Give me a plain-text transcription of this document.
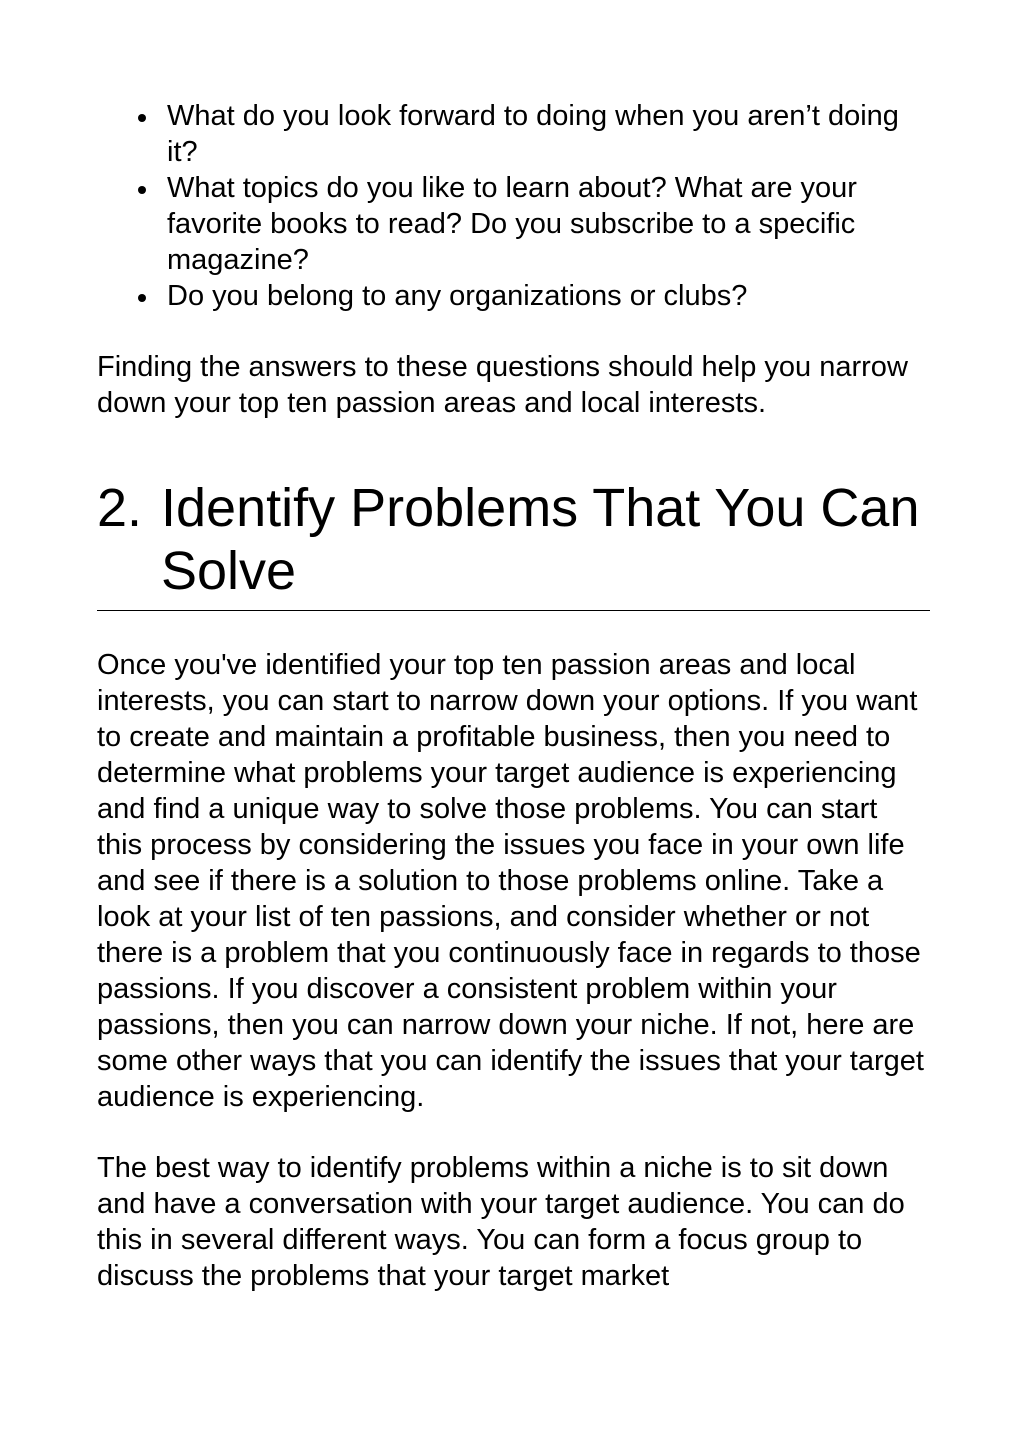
What do you look forward to doing when you aren’t doing it?
What topics do you like to learn about? What are your favorite books to read? Do you subscribe to a specific magazine?
Do you belong to any organizations or clubs?

Finding the answers to these questions should help you narrow down your top ten passion areas and local interests.

2. Identify Problems That You Can Solve

Once you've identified your top ten passion areas and local interests, you can start to narrow down your options. If you want to create and maintain a profitable business, then you need to determine what problems your target audience is experiencing and find a unique way to solve those problems. You can start this process by considering the issues you face in your own life and see if there is a solution to those problems online. Take a look at your list of ten passions, and consider whether or not there is a problem that you continuously face in regards to those passions. If you discover a consistent problem within your passions, then you can narrow down your niche. If not, here are some other ways that you can identify the issues that your target audience is experiencing.

The best way to identify problems within a niche is to sit down and have a conversation with your target audience. You can do this in several different ways. You can form a focus group to discuss the problems that your target market
